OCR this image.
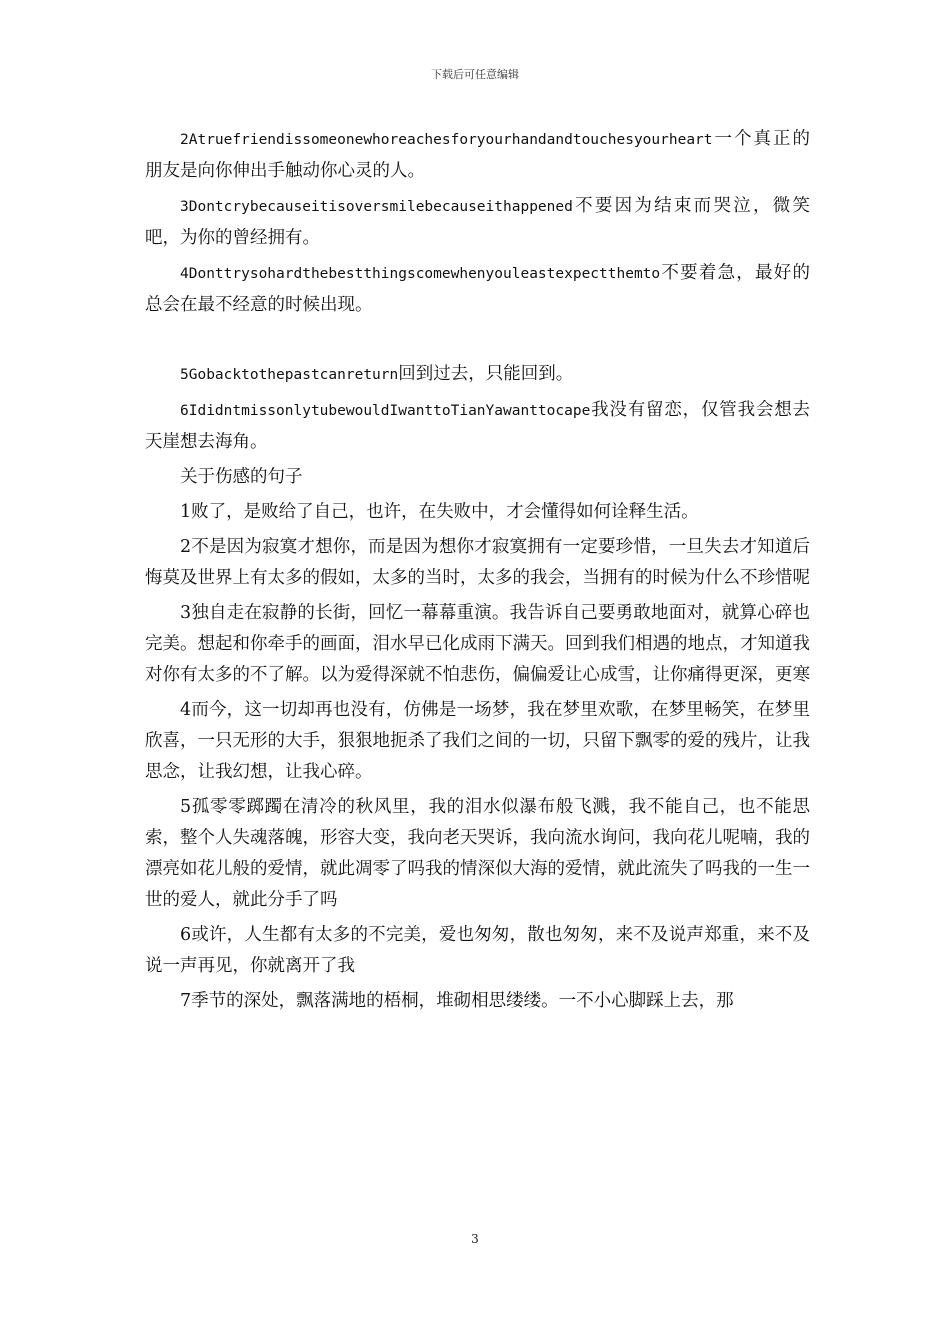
下载后可任意编辑

2Atruefriendissomeonewhoreachesforyourhandandtouchesyourheart一个真正的朋友是向你伸出手触动你心灵的人。

3Dontcrybecauseitisoversmilebecauseithappened不要因为结束而哭泣，微笑吧，为你的曾经拥有。

4Donttrysohardthebestthingscomewhenyouleastexpectthemto不要着急，最好的总会在最不经意的时候出现。

5Gobacktothepastcanreturn回到过去，只能回到。

6IdidntmissonlytubewouldIwanttoTianYawanttocape我没有留恋，仅管我会想去天崖想去海角。

关于伤感的句子

1败了，是败给了自己，也许，在失败中，才会懂得如何诠释生活。

2不是因为寂寞才想你，而是因为想你才寂寞拥有一定要珍惜，一旦失去才知道后悔莫及世界上有太多的假如，太多的当时，太多的我会，当拥有的时候为什么不珍惜呢

3独自走在寂静的长街，回忆一幕幕重演。我告诉自己要勇敢地面对，就算心碎也完美。想起和你牵手的画面，泪水早已化成雨下满天。回到我们相遇的地点，才知道我对你有太多的不了解。以为爱得深就不怕悲伤，偏偏爱让心成雪，让你痛得更深，更寒

4而今，这一切却再也没有，仿佛是一场梦，我在梦里欢歌，在梦里畅笑，在梦里欣喜，一只无形的大手，狠狠地扼杀了我们之间的一切，只留下飘零的爱的残片，让我思念，让我幻想，让我心碎。

5孤零零踯躅在清冷的秋风里，我的泪水似瀑布般飞溅，我不能自己，也不能思索，整个人失魂落魄，形容大变，我向老天哭诉，我向流水询问，我向花儿呢喃，我的漂亮如花儿般的爱情，就此凋零了吗我的情深似大海的爱情，就此流失了吗我的一生一世的爱人，就此分手了吗

6或许，人生都有太多的不完美，爱也匆匆，散也匆匆，来不及说声郑重，来不及说一声再见，你就离开了我

7季节的深处，飘落满地的梧桐，堆砌相思缕缕。一不小心脚踩上去，那

3
